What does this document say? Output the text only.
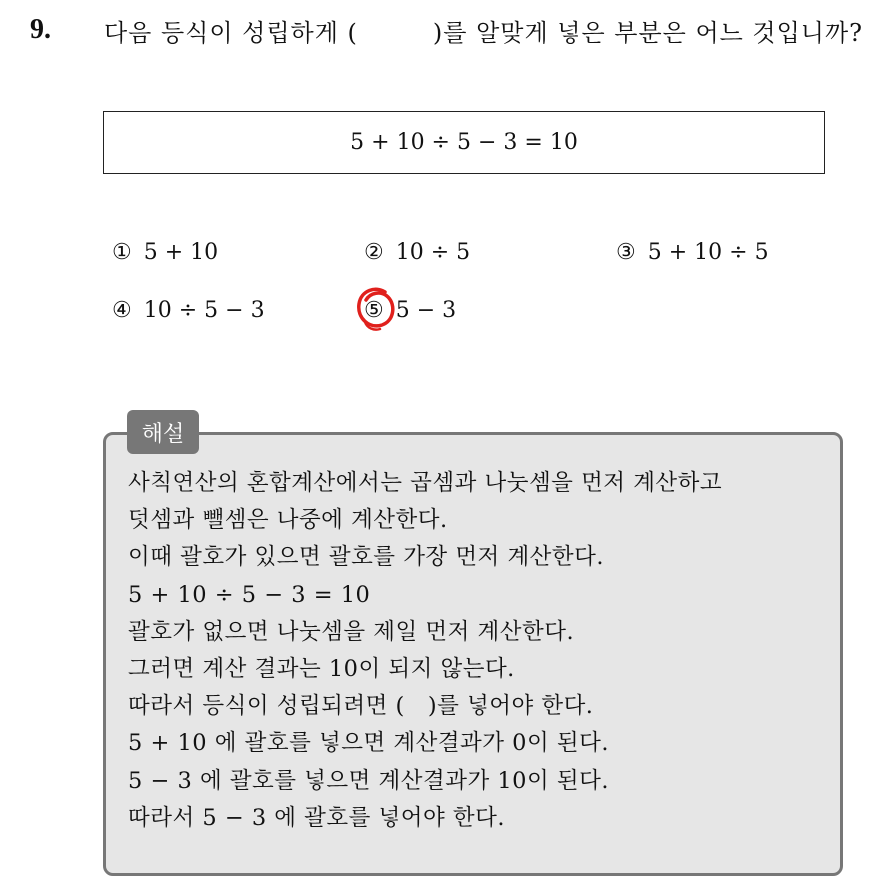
9. 다음 등식이 성립하게 (　　　)를 알맞게 넣은 부분은 어느 것입니까?
5 + 10 ÷ 5 − 3 = 10
① 5 + 10	② 10 ÷ 5	③ 5 + 10 ÷ 5
④ 10 ÷ 5 − 3	⑤ 5 − 3
해설
사칙연산의 혼합계산에서는 곱셈과 나눗셈을 먼저 계산하고
덧셈과 뺄셈은 나중에 계산한다.
이때 괄호가 있으면 괄호를 가장 먼저 계산한다.
5 + 10 ÷ 5 − 3 = 10
괄호가 없으면 나눗셈을 제일 먼저 계산한다.
그러면 계산 결과는 10이 되지 않는다.
따라서 등식이 성립되려면 (　)를 넣어야 한다.
5 + 10 에 괄호를 넣으면 계산결과가 0이 된다.
5 − 3 에 괄호를 넣으면 계산결과가 10이 된다.
따라서 5 − 3 에 괄호를 넣어야 한다.
